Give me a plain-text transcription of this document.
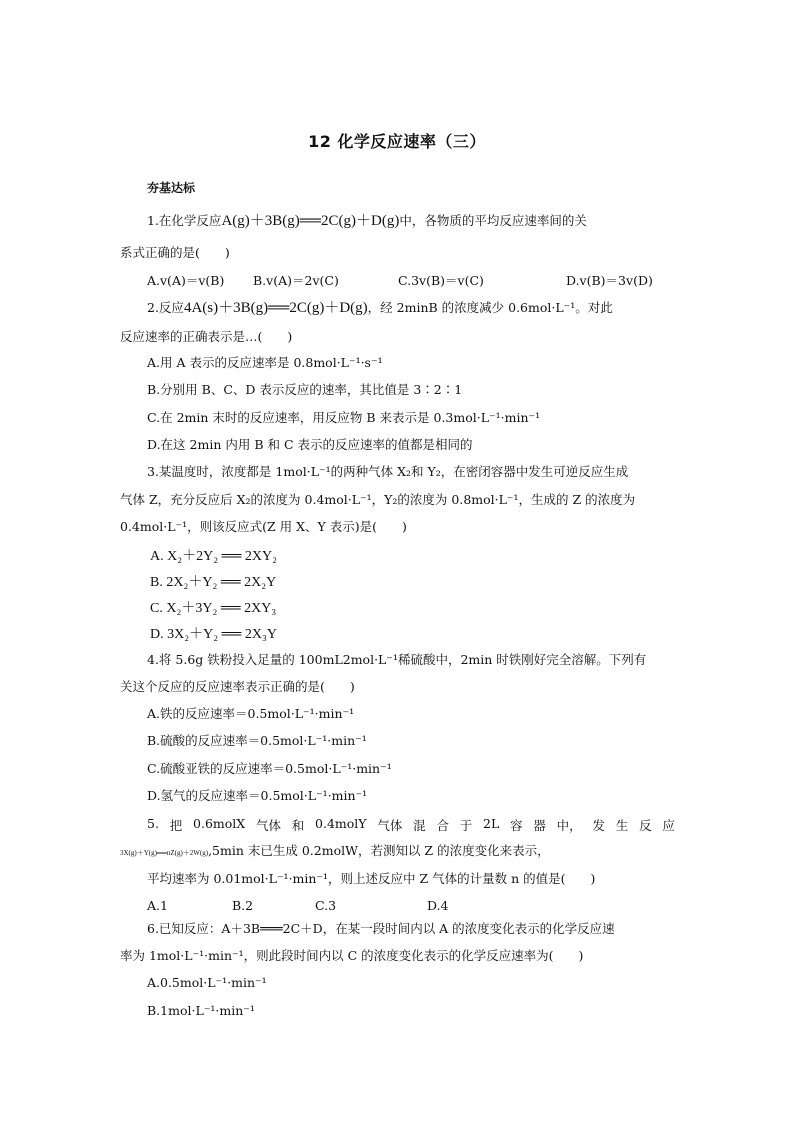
12 化学反应速率（三）
夯基达标
1.在化学反应A(g)＋3B(g)══2C(g)＋D(g)中，各物质的平均反应速率间的关
系式正确的是(　　)
A.v(A)＝v(B) B.v(A)＝2v(C)	C.3v(B)＝v(C)	D.v(B)＝3v(D)
2.反应4A(s)＋3B(g)══2C(g)＋D(g)，经 2minB 的浓度减少 0.6mol·L⁻¹。对此
反应速率的正确表示是…(　　)
A.用 A 表示的反应速率是 0.8mol·L⁻¹·s⁻¹
B.分别用 B、C、D 表示反应的速率，其比值是 3∶2∶1
C.在 2min 末时的反应速率，用反应物 B 来表示是 0.3mol·L⁻¹·min⁻¹
D.在这 2min 内用 B 和 C 表示的反应速率的值都是相同的
3.某温度时，浓度都是 1mol·L⁻¹的两种气体 X₂和 Y₂，在密闭容器中发生可逆反应生成
气体 Z，充分反应后 X₂的浓度为 0.4mol·L⁻¹，Y₂的浓度为 0.8mol·L⁻¹，生成的 Z 的浓度为
0.4mol·L⁻¹，则该反应式(Z 用 X、Y 表示)是(　　)
A. X₂＋2Y₂ ══ 2XY₂
B. 2X₂＋Y₂ ══ 2X₂Y
C. X₂＋3Y₂ ══ 2XY₃
D. 3X₂＋Y₂ ══ 2X₃Y
4.将 5.6g 铁粉投入足量的 100mL2mol·L⁻¹稀硫酸中，2min 时铁刚好完全溶解。下列有
关这个反应的反应速率表示正确的是(　　)
A.铁的反应速率＝0.5mol·L⁻¹·min⁻¹
B.硫酸的反应速率＝0.5mol·L⁻¹·min⁻¹
C.硫酸亚铁的反应速率＝0.5mol·L⁻¹·min⁻¹
D.氢气的反应速率＝0.5mol·L⁻¹·min⁻¹
5. 把 0.6molX 气体 和 0.4molY 气体 混 合 于 2L 容 器 中， 发 生 反 应
3X(g)＋Y(g)══nZ(g)＋2W(g),5min 末已生成 0.2molW，若测知以 Z 的浓度变化来表示，
平均速率为 0.01mol·L⁻¹·min⁻¹，则上述反应中 Z 气体的计量数 n 的值是(　　)
A.1	B.2	C.3	D.4
6.已知反应：A＋3B═══2C＋D，在某一段时间内以 A 的浓度变化表示的化学反应速
率为 1mol·L⁻¹·min⁻¹，则此段时间内以 C 的浓度变化表示的化学反应速率为(　　)
A.0.5mol·L⁻¹·min⁻¹
B.1mol·L⁻¹·min⁻¹
